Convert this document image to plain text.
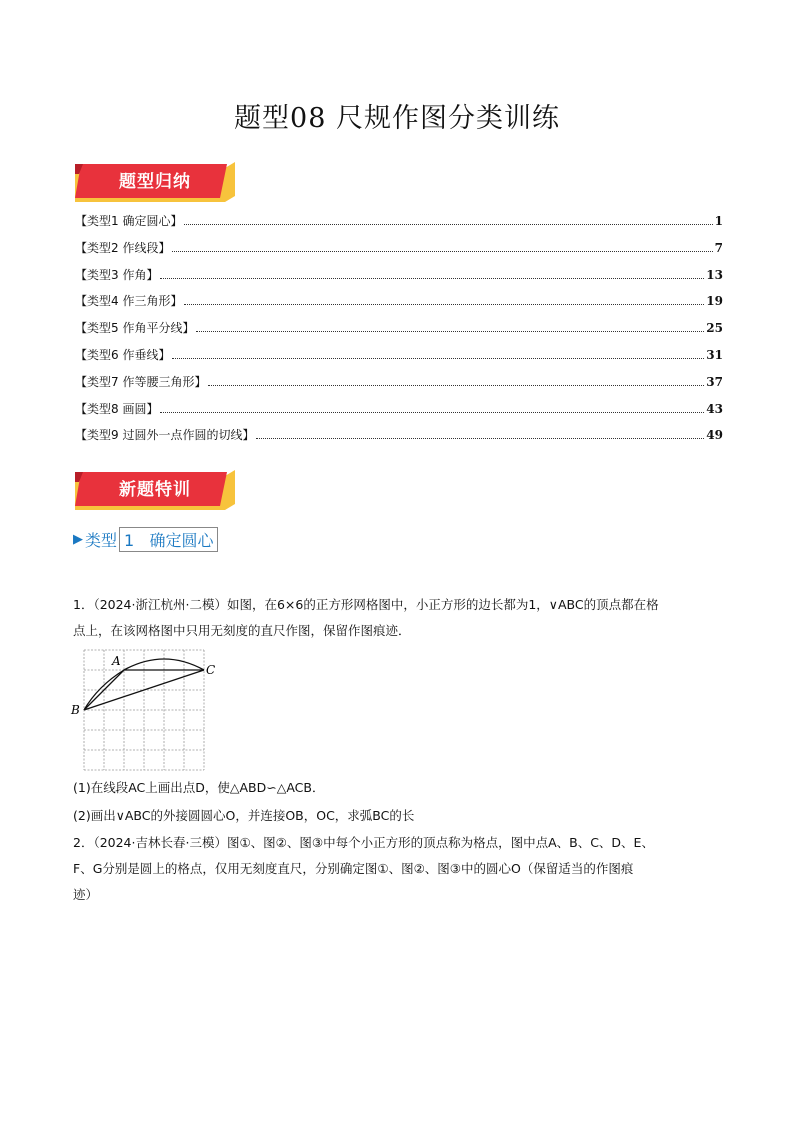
题型08 尺规作图分类训练
题型归纳
【类型1 确定圆心】	1
【类型2 作线段】	7
【类型3 作角】	13
【类型4 作三角形】	19
【类型5 作角平分线】	25
【类型6 作垂线】	31
【类型7 作等腰三角形】	37
【类型8 画圆】	43
【类型9 过圆外一点作圆的切线】	49
新题特训
▶ 类型 1 确定圆心
1．（2024·浙江杭州·二模）如图，在6×6的正方形网格图中，小正方形的边长都为1，∨ABC的顶点都在格
点上，在该网格图中只用无刻度的直尺作图，保留作图痕迹．
A
B
C
(1)在线段AC上画出点D，使△ABD∽△ACB．
(2)画出∨ABC的外接圆圆心O，并连接OB，OC，求弧BC的长
2．（2024·吉林长春·三模）图①、图②、图③中每个小正方形的顶点称为格点，图中点A、B、C、D、E、
F、G分别是圆上的格点，仅用无刻度直尺，分别确定图①、图②、图③中的圆心O（保留适当的作图痕
迹）
